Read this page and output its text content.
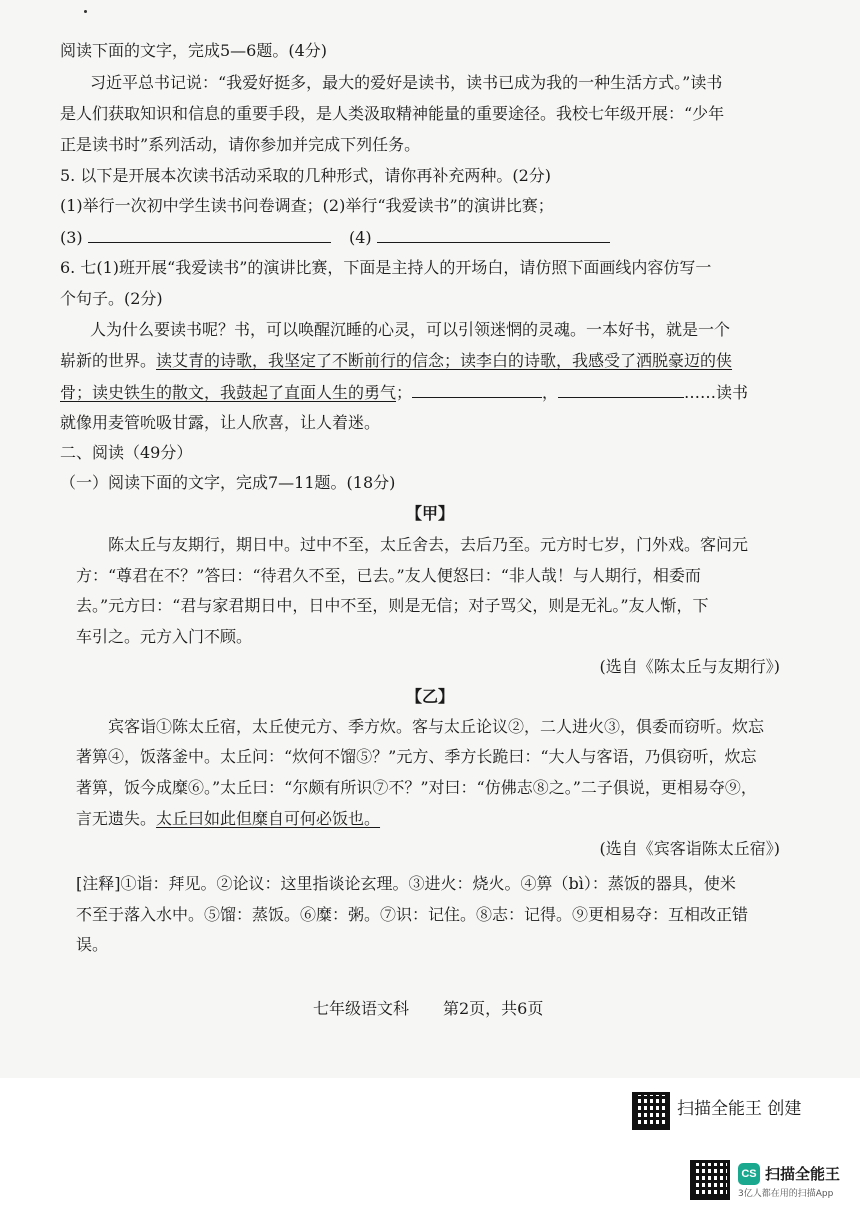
阅读下面的文字，完成5—6题。(4分)
习近平总书记说：“我爱好挺多，最大的爱好是读书，读书已成为我的一种生活方式。”读书
是人们获取知识和信息的重要手段，是人类汲取精神能量的重要途径。我校七年级开展：“少年
正是读书时”系列活动，请你参加并完成下列任务。
5. 以下是开展本次读书活动采取的几种形式，请你再补充两种。(2分)
(1)举行一次初中学生读书问卷调查；(2)举行“我爱读书”的演讲比赛；
(3)	(4)
6. 七(1)班开展“我爱读书”的演讲比赛，下面是主持人的开场白，请仿照下面画线内容仿写一
个句子。(2分)
人为什么要读书呢？书，可以唤醒沉睡的心灵，可以引领迷惘的灵魂。一本好书，就是一个
崭新的世界。读艾青的诗歌，我坚定了不断前行的信念；读李白的诗歌，我感受了洒脱豪迈的侠
骨；读史铁生的散文，我鼓起了直面人生的勇气；	，	……读书
就像用麦管吮吸甘露，让人欣喜，让人着迷。
二、阅读（49分）
（一）阅读下面的文字，完成7—11题。(18分)
【甲】
陈太丘与友期行，期日中。过中不至，太丘舍去，去后乃至。元方时七岁，门外戏。客问元
方：“尊君在不？”答曰：“待君久不至，已去。”友人便怒曰：“非人哉！与人期行，相委而
去。”元方曰：“君与家君期日中，日中不至，则是无信；对子骂父，则是无礼。”友人惭，下
车引之。元方入门不顾。
(选自《陈太丘与友期行》)
【乙】
宾客诣①陈太丘宿，太丘使元方、季方炊。客与太丘论议②，二人进火③，俱委而窃听。炊忘
著箅④，饭落釜中。太丘问：“炊何不馏⑤？”元方、季方长跪曰：“大人与客语，乃俱窃听，炊忘
著箅，饭今成糜⑥。”太丘曰：“尔颇有所识⑦不？”对曰：“仿佛志⑧之。”二子俱说，更相易夺⑨，
言无遗失。太丘曰如此但糜自可何必饭也。
(选自《宾客诣陈太丘宿》)
[注释]①诣：拜见。②论议：这里指谈论玄理。③进火：烧火。④箅（bì）：蒸饭的器具，使米
不至于落入水中。⑤馏：蒸饭。⑥糜：粥。⑦识：记住。⑧志：记得。⑨更相易夺：互相改正错
误。
七年级语文科 第2页，共6页
扫描全能王 创建
CS 扫描全能王
3亿人都在用的扫描App
